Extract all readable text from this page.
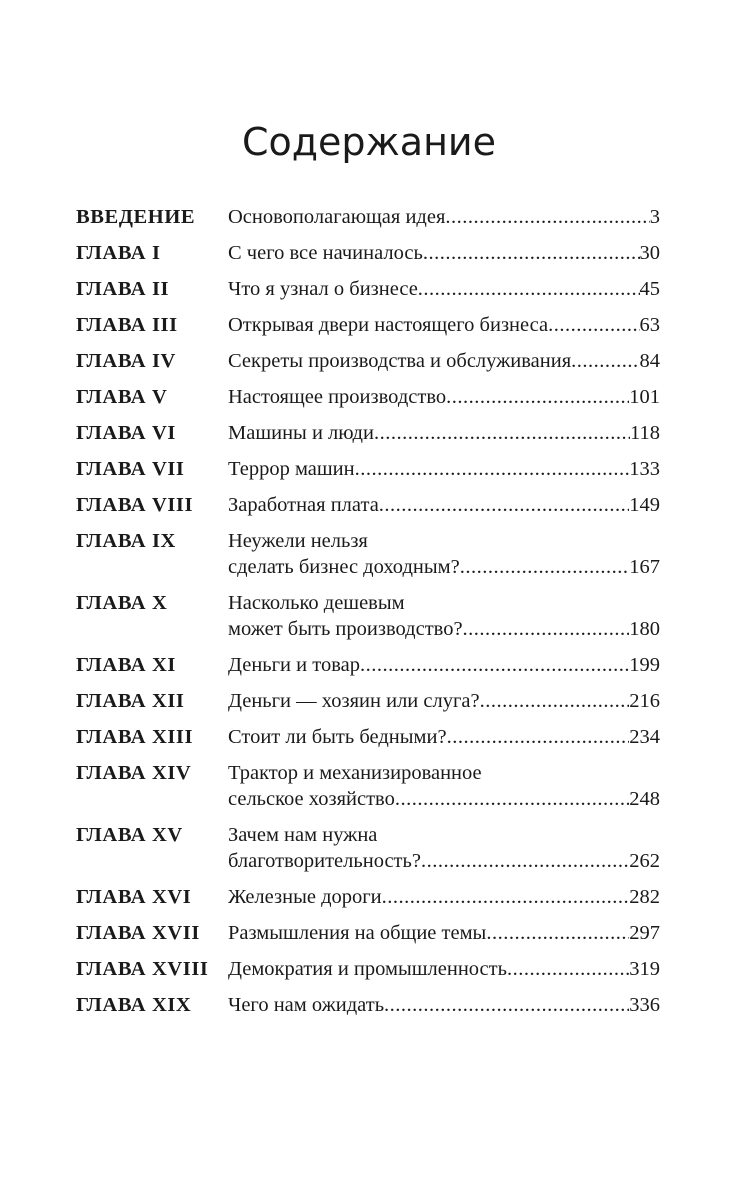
Содержание
ВВЕДЕНИЕ	Основополагающая идея .....	3
ГЛАВА I	С чего все начиналось .....	30
ГЛАВА II	Что я узнал о бизнесе .....	45
ГЛАВА III	Открывая двери настоящего бизнеса .....	63
ГЛАВА IV	Секреты производства и обслуживания .....	84
ГЛАВА V	Настоящее производство .....	101
ГЛАВА VI	Машины и люди .....	118
ГЛАВА VII	Террор машин .....	133
ГЛАВА VIII	Заработная плата .....	149
ГЛАВА IX	Неужели нельзя
сделать бизнес доходным? .....	167
ГЛАВА X	Насколько дешевым
может быть производство? .....	180
ГЛАВА XI	Деньги и товар .....	199
ГЛАВА XII	Деньги — хозяин или слуга? .....	216
ГЛАВА XIII	Стоит ли быть бедными? .....	234
ГЛАВА XIV	Трактор и механизированное
сельское хозяйство .....	248
ГЛАВА XV	Зачем нам нужна
благотворительность? .....	262
ГЛАВА XVI	Железные дороги .....	282
ГЛАВА XVII	Размышления на общие темы .....	297
ГЛАВА XVIII Демократия и промышленность .....	319
ГЛАВА XIX	Чего нам ожидать .....	336
